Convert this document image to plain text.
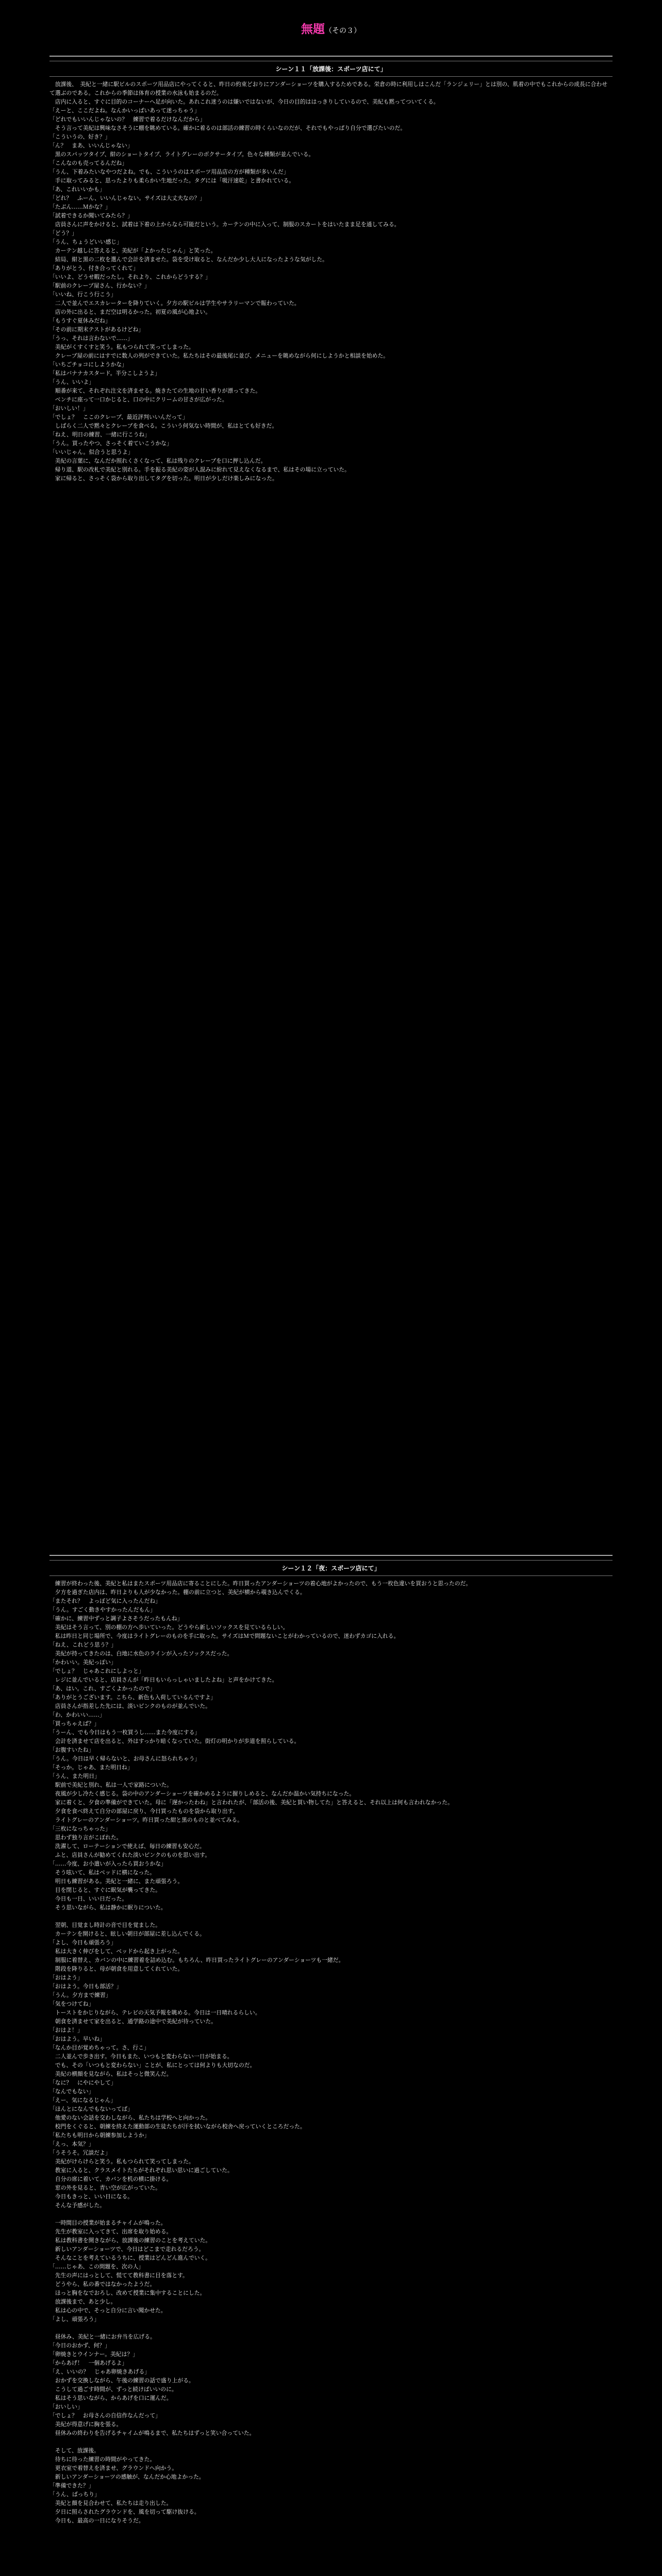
無題（その３）

シーン１１「放課後：スポーツ店にて」

　放課後、　美紀と一緒に駅ビルのスポーツ用品店にやってくると、昨日の約束どおりにアンダーショーツを購入するためである。栄倉の時に利用しはこんだ「ランジェリー」とは別の、肌着の中でもこれからの成長に合わせて選ぶのである。これからの季節は体育の授業の水泳も始まるのだ。

　店内に入ると、すぐに目的のコーナーへ足が向いた。あれこれ迷うのは嫌いではないが、今日の目的ははっきりしているので、美紀も黙ってついてくる。

「えーと、ここだよね。なんかいっぱいあって迷っちゃう」

「どれでもいいんじゃないの？　練習で着るだけなんだから」

　そう言って美紀は興味なさそうに棚を眺めている。確かに着るのは部活の練習の時くらいなのだが、それでもやっぱり自分で選びたいのだ。

「こういうの、好き？」

「ん？　まあ、いいんじゃない」

　黒のスパッツタイプ、紺のショートタイプ、ライトグレーのボクサータイプ。色々な種類が並んでいる。

「こんなのも売ってるんだね」

「うん、下着みたいなやつだよね。でも、こういうのはスポーツ用品店の方が種類が多いんだ」

　手に取ってみると、思ったよりも柔らかい生地だった。タグには「吸汗速乾」と書かれている。

「あ、これいいかも」

「どれ？　ふーん、いいんじゃない。サイズは大丈夫なの？」

「たぶん……Ｍかな？」

「試着できるか聞いてみたら？」

　店員さんに声をかけると、試着は下着の上からなら可能だという。カーテンの中に入って、制服のスカートをはいたまま足を通してみる。

「どう？」

「うん、ちょうどいい感じ」

　カーテン越しに答えると、美紀が「よかったじゃん」と笑った。

　結局、紺と黒の二枚を選んで会計を済ませた。袋を受け取ると、なんだか少し大人になったような気がした。

「ありがとう、付き合ってくれて」

「いいよ、どうせ暇だったし。それより、これからどうする？」

「駅前のクレープ屋さん、行かない？」

「いいね、行こう行こう」

　二人で並んでエスカレーターを降りていく。夕方の駅ビルは学生やサラリーマンで賑わっていた。

　店の外に出ると、まだ空は明るかった。初夏の風が心地よい。

「もうすぐ夏休みだね」

「その前に期末テストがあるけどね」

「うっ、それは言わないで……」

　美紀がくすくすと笑う。私もつられて笑ってしまった。

　クレープ屋の前にはすでに数人の列ができていた。私たちはその最後尾に並び、メニューを眺めながら何にしようかと相談を始めた。

「いちごチョコにしようかな」

「私はバナナカスタード。半分こしようよ」

「うん、いいよ」

　順番が来て、それぞれ注文を済ませる。焼きたての生地の甘い香りが漂ってきた。

　ベンチに座って一口かじると、口の中にクリームの甘さが広がった。

「おいしい！」

「でしょ？　ここのクレープ、最近評判いいんだって」

　しばらく二人で黙々とクレープを食べる。こういう何気ない時間が、私はとても好きだ。

「ねえ、明日の練習、一緒に行こうね」

「うん。買ったやつ、さっそく着ていこうかな」

「いいじゃん。似合うと思うよ」

　美紀の言葉に、なんだか照れくさくなって、私は残りのクレープを口に押し込んだ。

　帰り道、駅の改札で美紀と別れる。手を振る美紀の姿が人混みに紛れて見えなくなるまで、私はその場に立っていた。

　家に帰ると、さっそく袋から取り出してタグを切った。明日が少しだけ楽しみになった。

シーン１２「夜：スポーツ店にて」

　練習が終わった後、美紀と私はまたスポーツ用品店に寄ることにした。昨日買ったアンダーショーツの着心地がよかったので、もう一枚色違いを買おうと思ったのだ。

　夕方を過ぎた店内は、昨日よりも人が少なかった。棚の前に立つと、美紀が横から覗き込んでくる。

「またそれ？　よっぽど気に入ったんだね」

「うん。すごく動きやすかったんだもん」

「確かに、練習中ずっと調子よさそうだったもんね」

　美紀はそう言って、別の棚の方へ歩いていった。どうやら新しいソックスを見ているらしい。

　私は昨日と同じ場所で、今度はライトグレーのものを手に取った。サイズはＭで問題ないことがわかっているので、迷わずカゴに入れる。

「ねえ、これどう思う？」

　美紀が持ってきたのは、白地に水色のラインが入ったソックスだった。

「かわいい。美紀っぽい」

「でしょ？　じゃあこれにしよっと」

　レジに並んでいると、店員さんが「昨日もいらっしゃいましたよね」と声をかけてきた。

「あ、はい。これ、すごくよかったので」

「ありがとうございます。こちら、新色も入荷しているんですよ」

　店員さんが指差した先には、淡いピンクのものが並んでいた。

「わ、かわいい……」

「買っちゃえば？」

「うーん、でも今日はもう一枚買うし……また今度にする」

　会計を済ませて店を出ると、外はすっかり暗くなっていた。街灯の明かりが歩道を照らしている。

「お腹すいたね」

「うん。今日は早く帰らないと、お母さんに怒られちゃう」

「そっか。じゃあ、また明日ね」

「うん、また明日」

　駅前で美紀と別れ、私は一人で家路についた。

　夜風が少し冷たく感じる。袋の中のアンダーショーツを確かめるように握りしめると、なんだか温かい気持ちになった。

　家に着くと、夕食の準備ができていた。母に「遅かったわね」と言われたが、「部活の後、美紀と買い物してた」と答えると、それ以上は何も言われなかった。

　夕食を食べ終えて自分の部屋に戻り、今日買ったものを袋から取り出す。

　ライトグレーのアンダーショーツ。昨日買った紺と黒のものと並べてみる。

「三枚になっちゃった」

　思わず独り言がこぼれた。

　洗濯して、ローテーションで使えば、毎日の練習も安心だ。

　ふと、店員さんが勧めてくれた淡いピンクのものを思い出す。

「……今度、お小遣いが入ったら買おうかな」

　そう呟いて、私はベッドに横になった。

　明日も練習がある。美紀と一緒に、また頑張ろう。

　目を閉じると、すぐに眠気が襲ってきた。

　今日も一日、いい日だった。

　そう思いながら、私は静かに眠りについた。

　翌朝、目覚まし時計の音で目を覚ました。

　カーテンを開けると、眩しい朝日が部屋に差し込んでくる。

「よし、今日も頑張ろう」

　私は大きく伸びをして、ベッドから起き上がった。

　制服に着替え、カバンの中に練習着を詰め込む。もちろん、昨日買ったライトグレーのアンダーショーツも一緒だ。

　階段を降りると、母が朝食を用意してくれていた。

「おはよう」

「おはよう。今日も部活？」

「うん。夕方まで練習」

「気をつけてね」

　トーストをかじりながら、テレビの天気予報を眺める。今日は一日晴れるらしい。

　朝食を済ませて家を出ると、通学路の途中で美紀が待っていた。

「おはよ！」

「おはよう。早いね」

「なんか目が覚めちゃって。さ、行こ」

　二人並んで歩き出す。今日もまた、いつもと変わらない一日が始まる。

　でも、その「いつもと変わらない」ことが、私にとっては何よりも大切なのだ。

　美紀の横顔を見ながら、私はそっと微笑んだ。

「なに？　にやにやして」

「なんでもない」

「えー、気になるじゃん」

「ほんとになんでもないってば」

　他愛のない会話を交わしながら、私たちは学校へと向かった。

　校門をくぐると、朝練を終えた運動部の生徒たちが汗を拭いながら校舎へ戻っていくところだった。

「私たちも明日から朝練参加しようか」

「えっ、本気？」

「うそうそ。冗談だよ」

　美紀がけらけらと笑う。私もつられて笑ってしまった。

　教室に入ると、クラスメイトたちがそれぞれ思い思いに過ごしていた。

　自分の席に着いて、カバンを机の横に掛ける。

　窓の外を見ると、青い空が広がっていた。

　今日もきっと、いい日になる。

　そんな予感がした。

　一時間目の授業が始まるチャイムが鳴った。

　先生が教室に入ってきて、出席を取り始める。

　私は教科書を開きながら、放課後の練習のことを考えていた。

　新しいアンダーショーツで、今日はどこまで走れるだろう。

　そんなことを考えているうちに、授業はどんどん進んでいく。

「……じゃあ、この問題を、次の人」

　先生の声にはっとして、慌てて教科書に目を落とす。

　どうやら、私の番ではなかったようだ。

　ほっと胸をなでおろし、改めて授業に集中することにした。

　放課後まで、あと少し。

　私は心の中で、そっと自分に言い聞かせた。

「よし、頑張ろう」

　昼休み、美紀と一緒にお弁当を広げる。

「今日のおかず、何？」

「卵焼きとウインナー。美紀は？」

「からあげ！　一個あげるよ」

「え、いいの？　じゃあ卵焼きあげる」

　おかずを交換しながら、午後の練習の話で盛り上がる。

　こうして過ごす時間が、ずっと続けばいいのに。

　私はそう思いながら、からあげを口に運んだ。

「おいしい」

「でしょ？　お母さんの自信作なんだって」

　美紀が得意げに胸を張る。

　昼休みの終わりを告げるチャイムが鳴るまで、私たちはずっと笑い合っていた。

　そして、放課後。

　待ちに待った練習の時間がやってきた。

　更衣室で着替えを済ませ、グラウンドへ向かう。

　新しいアンダーショーツの感触が、なんだか心地よかった。

「準備できた？」

「うん、ばっちり」

　美紀と顔を見合わせて、私たちは走り出した。

　夕日に照らされたグラウンドを、風を切って駆け抜ける。

　今日も、最高の一日になりそうだ。
